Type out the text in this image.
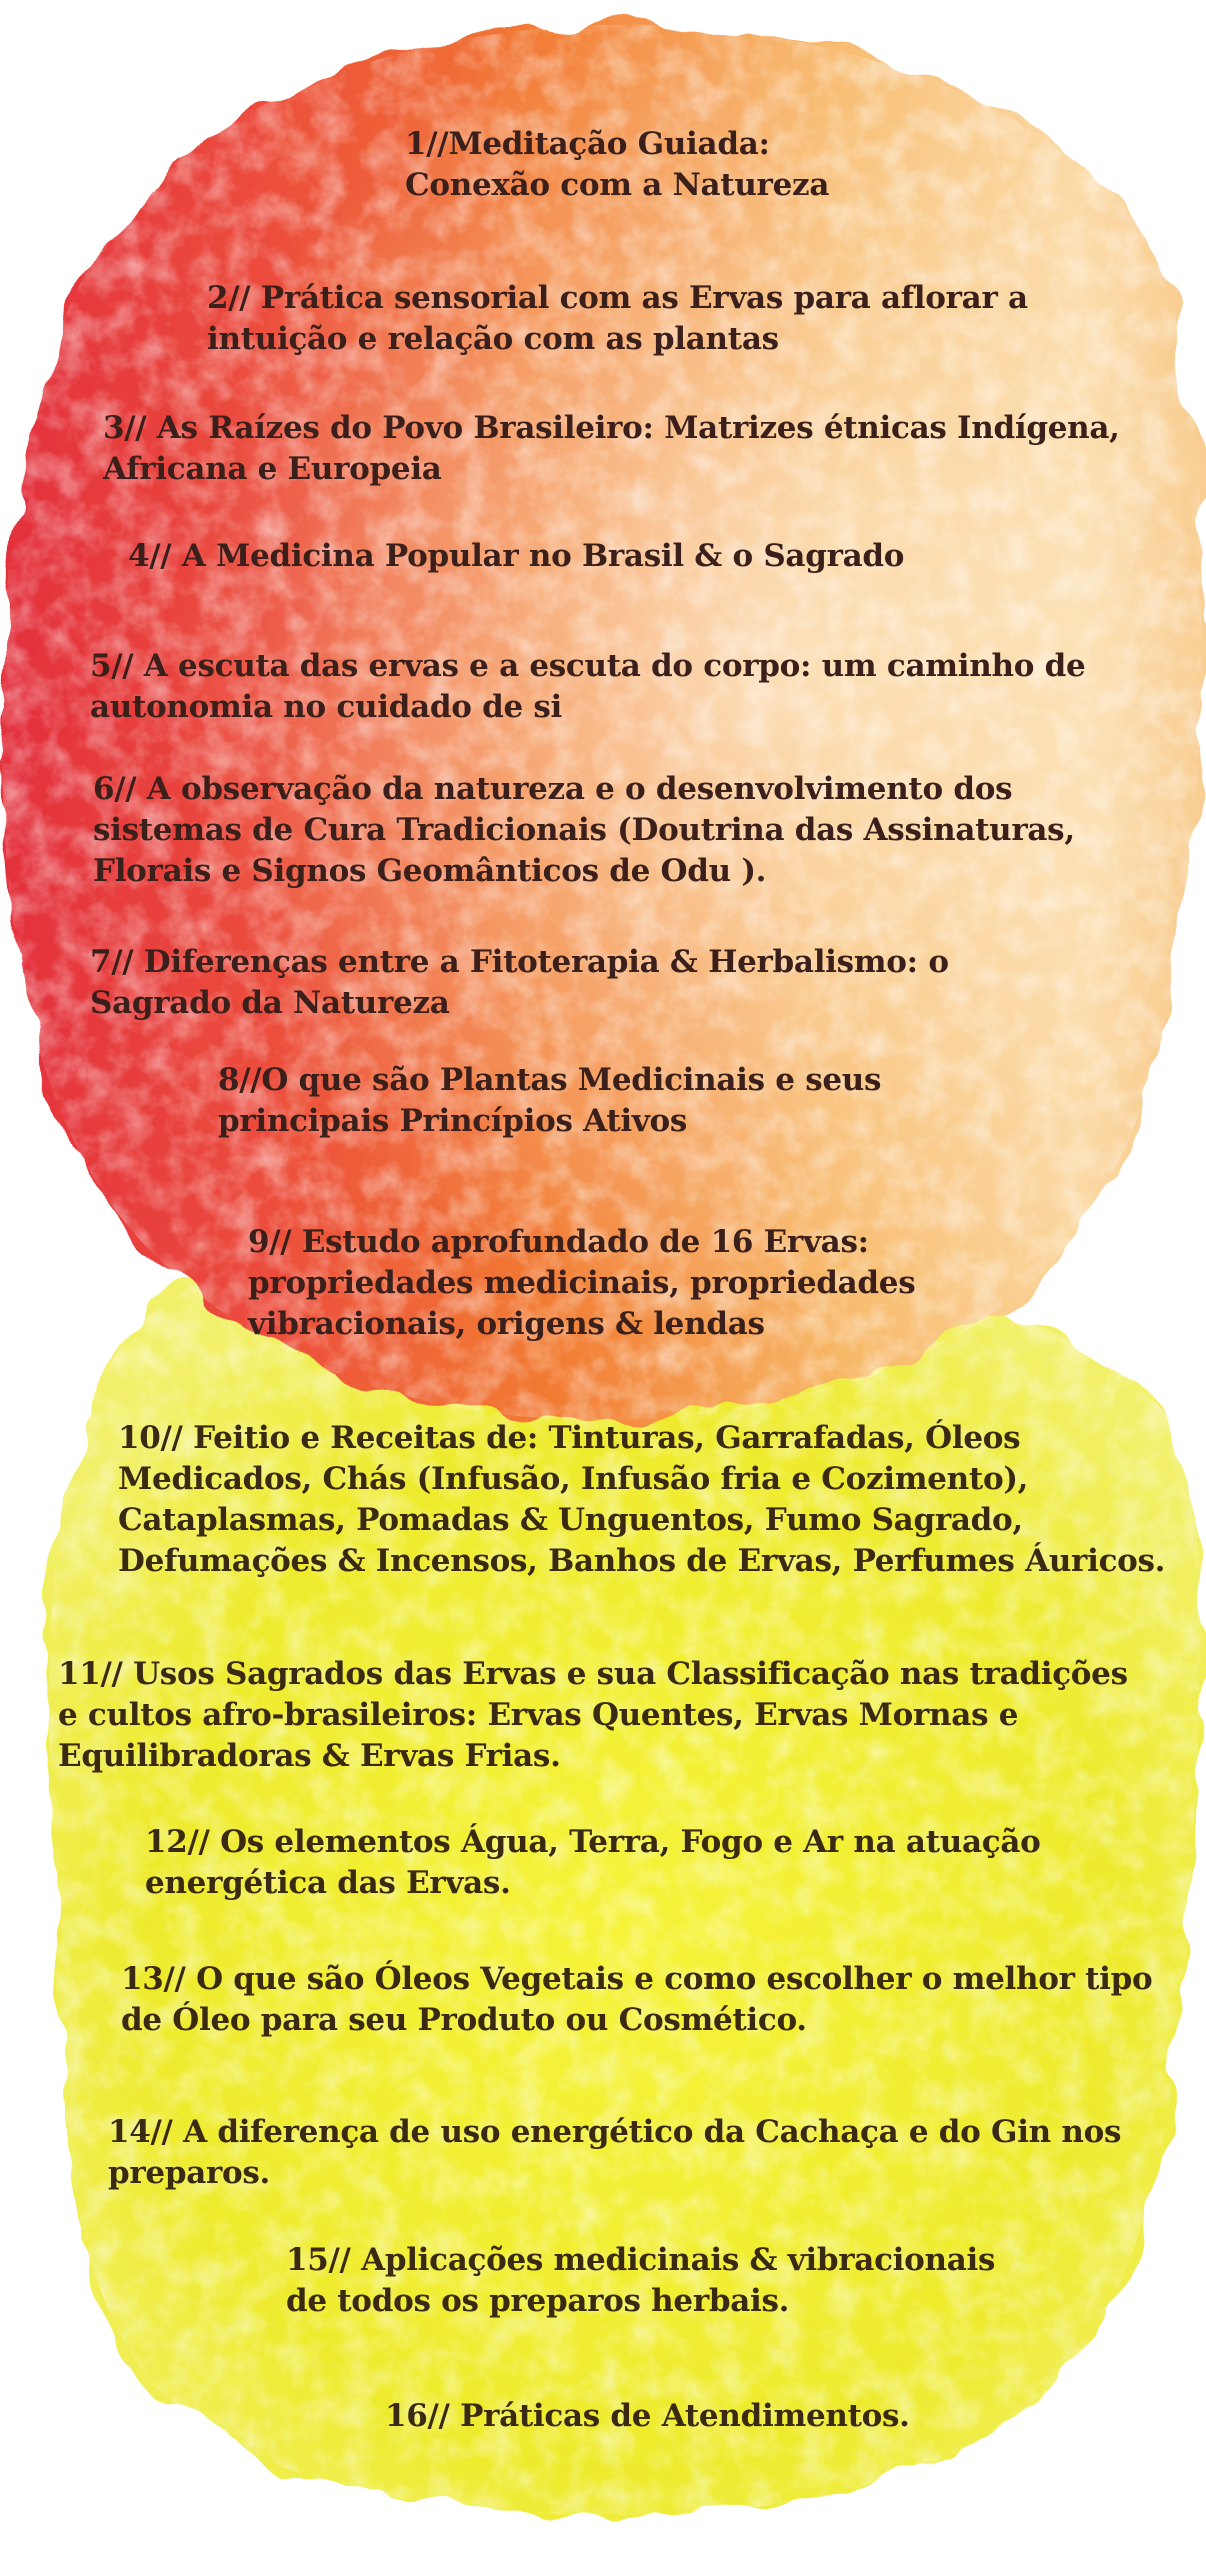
1//Meditação Guiada:
Conexão com a Natureza

2// Prática sensorial com as Ervas para aflorar a
intuição e relação com as plantas

3// As Raízes do Povo Brasileiro: Matrizes étnicas Indígena,
Africana e Europeia

4// A Medicina Popular no Brasil & o Sagrado

5// A escuta das ervas e a escuta do corpo: um caminho de
autonomia no cuidado de si

6// A observação da natureza e o desenvolvimento dos
sistemas de Cura Tradicionais (Doutrina das Assinaturas,
Florais e Signos Geomânticos de Odu ).

7// Diferenças entre a Fitoterapia & Herbalismo: o
Sagrado da Natureza

8//O que são Plantas Medicinais e seus
principais Princípios Ativos

9// Estudo aprofundado de 16 Ervas:
propriedades medicinais, propriedades
vibracionais, origens & lendas

10// Feitio e Receitas de: Tinturas, Garrafadas, Óleos
Medicados, Chás (Infusão, Infusão fria e Cozimento),
Cataplasmas, Pomadas & Unguentos, Fumo Sagrado,
Defumações & Incensos, Banhos de Ervas, Perfumes Áuricos.

11// Usos Sagrados das Ervas e sua Classificação nas tradições
e cultos afro-brasileiros: Ervas Quentes, Ervas Mornas e
Equilibradoras & Ervas Frias.

12// Os elementos Água, Terra, Fogo e Ar na atuação
energética das Ervas.

13// O que são Óleos Vegetais e como escolher o melhor tipo
de Óleo para seu Produto ou Cosmético.

14// A diferença de uso energético da Cachaça e do Gin nos
preparos.

15// Aplicações medicinais & vibracionais
de todos os preparos herbais.

16// Práticas de Atendimentos.
